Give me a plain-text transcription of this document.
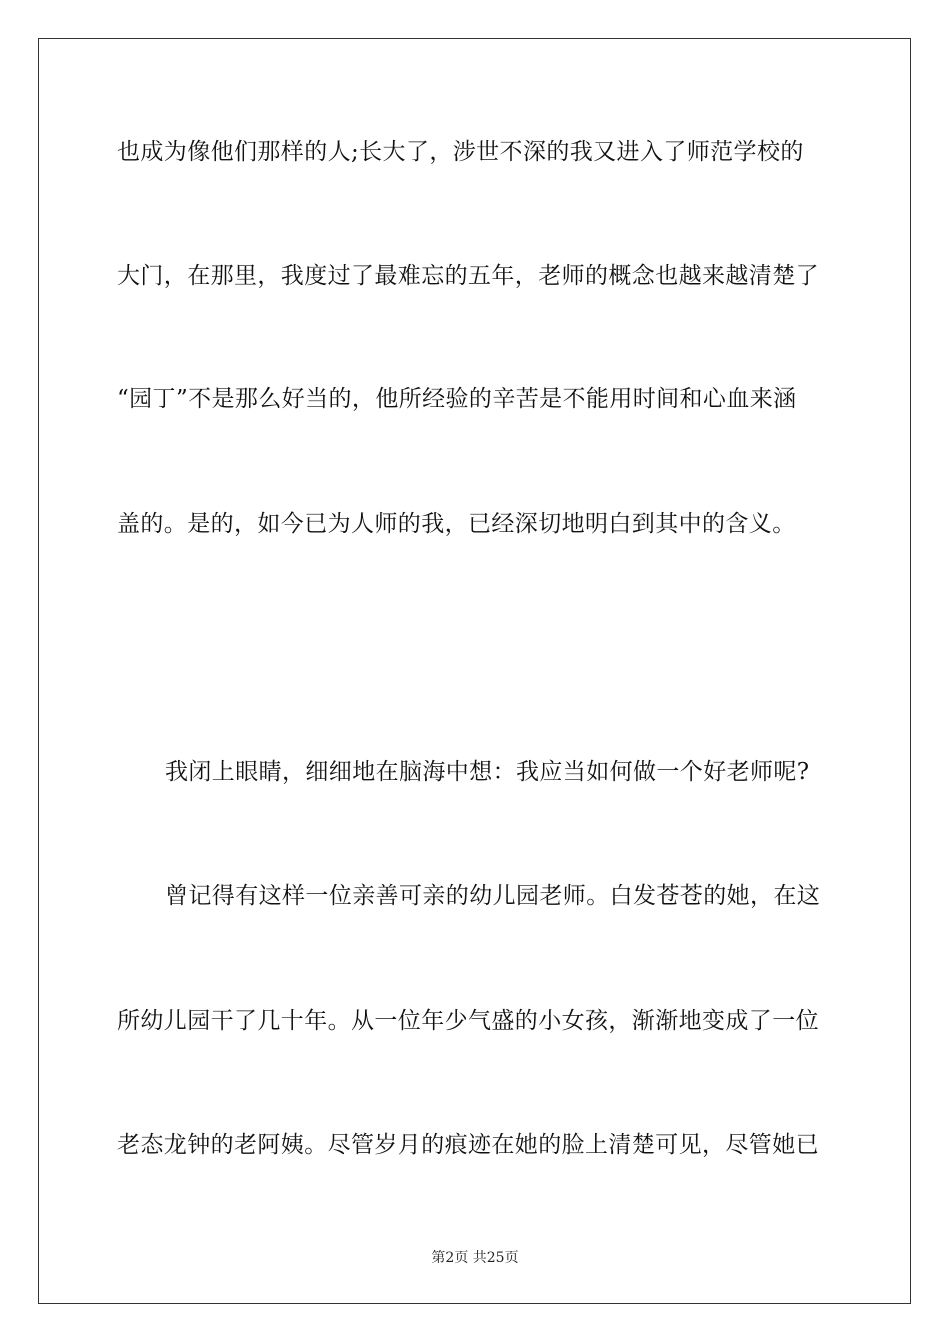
也成为像他们那样的人;长大了，涉世不深的我又进入了师范学校的
大门，在那里，我度过了最难忘的五年，老师的概念也越来越清楚了
“园丁”不是那么好当的，他所经验的辛苦是不能用时间和心血来涵
盖的。是的，如今已为人师的我，已经深切地明白到其中的含义。
我闭上眼睛，细细地在脑海中想：我应当如何做一个好老师呢?
曾记得有这样一位亲善可亲的幼儿园老师。白发苍苍的她，在这
所幼儿园干了几十年。从一位年少气盛的小女孩，渐渐地变成了一位
老态龙钟的老阿姨。尽管岁月的痕迹在她的脸上清楚可见，尽管她已
第2页 共25页
